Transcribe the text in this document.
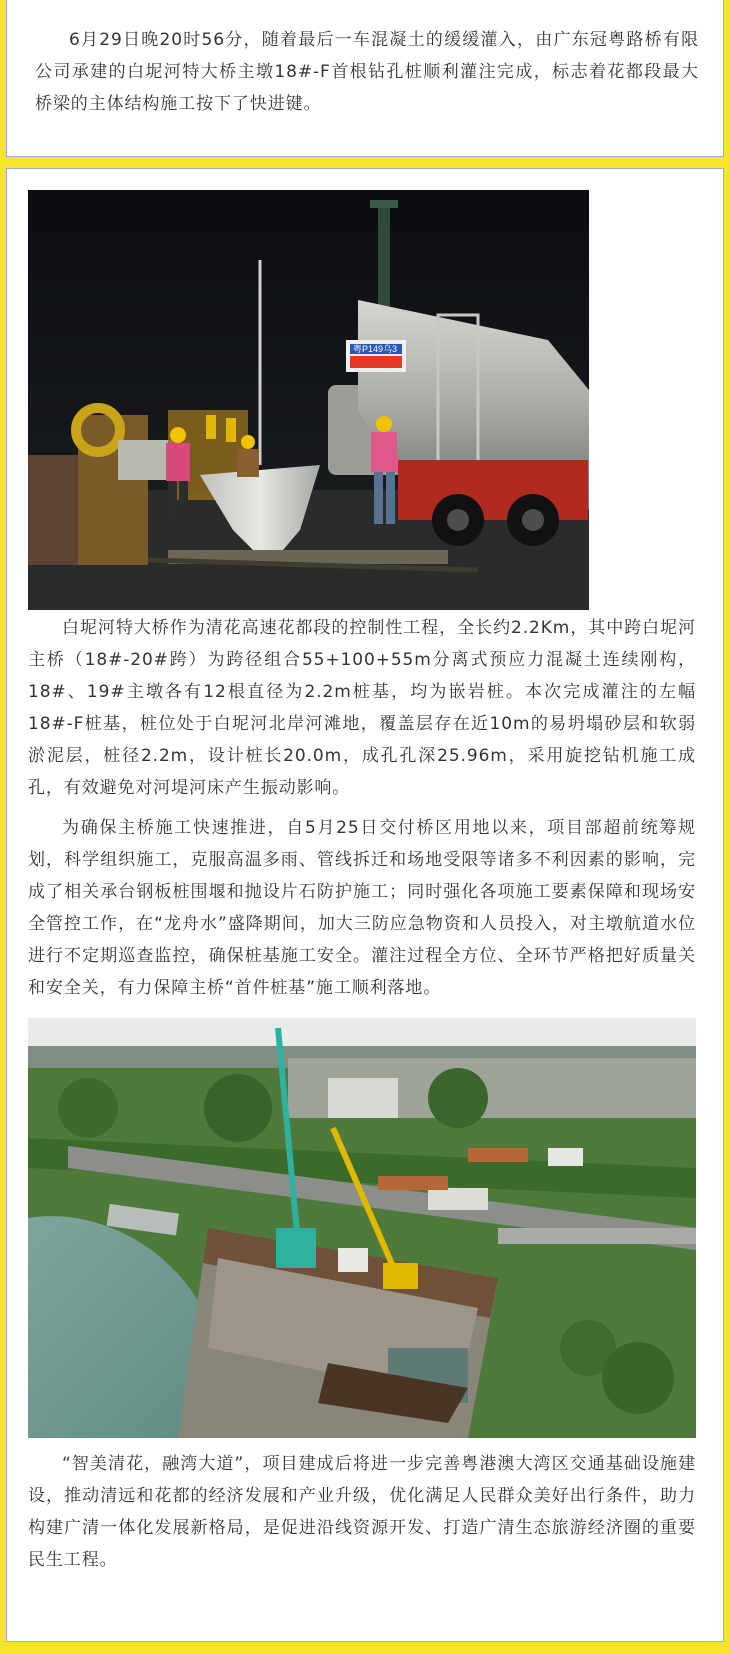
6月29日晚20时56分，随着最后一车混凝土的缓缓灌入，由广东冠粤路桥有限公司承建的白坭河特大桥主墩18#-F首根钻孔桩顺利灌注完成，标志着花都段最大桥梁的主体结构施工按下了快进键。

粤P149乌3

白坭河特大桥作为清花高速花都段的控制性工程，全长约2.2Km，其中跨白坭河主桥（18#-20#跨）为跨径组合55+100+55m分离式预应力混凝土连续刚构，18#、19#主墩各有12根直径为2.2m桩基，均为嵌岩桩。本次完成灌注的左幅18#-F桩基，桩位处于白坭河北岸河滩地，覆盖层存在近10m的易坍塌砂层和软弱淤泥层，桩径2.2m，设计桩长20.0m，成孔孔深25.96m，采用旋挖钻机施工成孔，有效避免对河堤河床产生振动影响。

为确保主桥施工快速推进，自5月25日交付桥区用地以来，项目部超前统筹规划，科学组织施工，克服高温多雨、管线拆迁和场地受限等诸多不利因素的影响，完成了相关承台钢板桩围堰和抛设片石防护施工；同时强化各项施工要素保障和现场安全管控工作，在“龙舟水”盛降期间，加大三防应急物资和人员投入，对主墩航道水位进行不定期巡查监控，确保桩基施工安全。灌注过程全方位、全环节严格把好质量关和安全关，有力保障主桥“首件桩基”施工顺利落地。

“智美清花，融湾大道”，项目建成后将进一步完善粤港澳大湾区交通基础设施建设，推动清远和花都的经济发展和产业升级，优化满足人民群众美好出行条件，助力构建广清一体化发展新格局，是促进沿线资源开发、打造广清生态旅游经济圈的重要民生工程。
